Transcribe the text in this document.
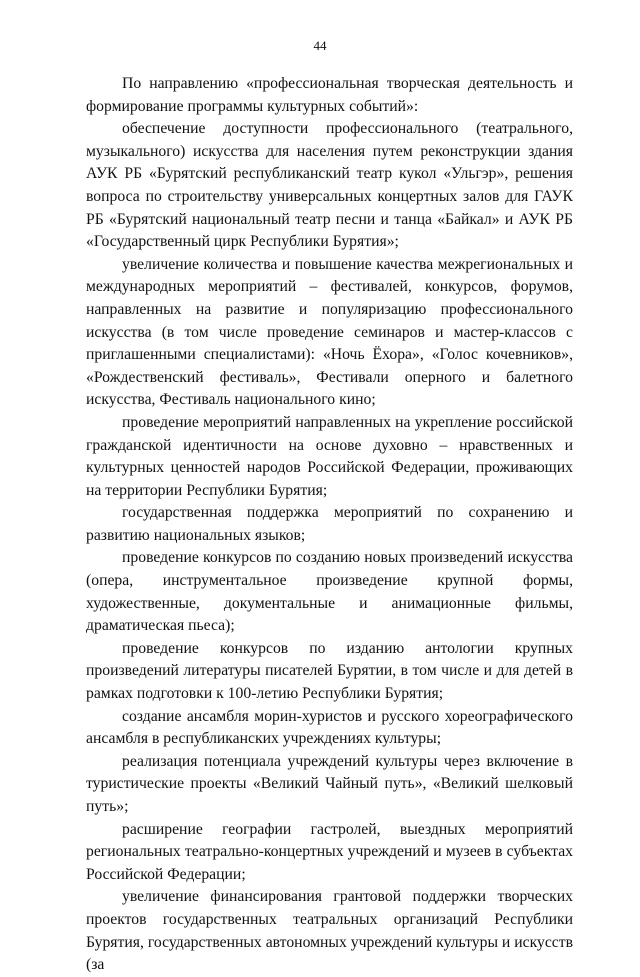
44

По направлению «профессиональная творческая деятельность и формирование программы культурных событий»:

обеспечение доступности профессионального (театрального, музыкального) искусства для населения путем реконструкции здания АУК РБ «Бурятский республиканский театр кукол «Ульгэр», решения вопроса по строительству универсальных концертных залов для ГАУК РБ «Бурятский национальный театр песни и танца «Байкал» и АУК РБ «Государственный цирк Республики Бурятия»;

увеличение количества и повышение качества межрегиональных и международных мероприятий – фестивалей, конкурсов, форумов, направленных на развитие и популяризацию профессионального искусства (в том числе проведение семинаров и мастер-классов с приглашенными специалистами): «Ночь Ёхора», «Голос кочевников», «Рождественский фестиваль», Фестивали оперного и балетного искусства, Фестиваль национального кино;

проведение мероприятий направленных на укрепление российской гражданской идентичности на основе духовно – нравственных и культурных ценностей народов Российской Федерации, проживающих на территории Республики Бурятия;

государственная поддержка мероприятий по сохранению и развитию национальных языков;

проведение конкурсов по созданию новых произведений искусства (опера, инструментальное произведение крупной формы, художественные, документальные и анимационные фильмы, драматическая пьеса);

проведение конкурсов по изданию антологии крупных произведений литературы писателей Бурятии, в том числе и для детей в рамках подготовки к 100-летию Республики Бурятия;

создание ансамбля морин-хуристов и русского хореографического ансамбля в республиканских учреждениях культуры;

реализация потенциала учреждений культуры через включение в туристические проекты «Великий Чайный путь», «Великий шелковый путь»;

расширение географии гастролей, выездных мероприятий региональных театрально-концертных учреждений и музеев в субъектах Российской Федерации;

увеличение финансирования грантовой поддержки творческих проектов государственных театральных организаций Республики Бурятия, государственных автономных учреждений культуры и искусств (за
